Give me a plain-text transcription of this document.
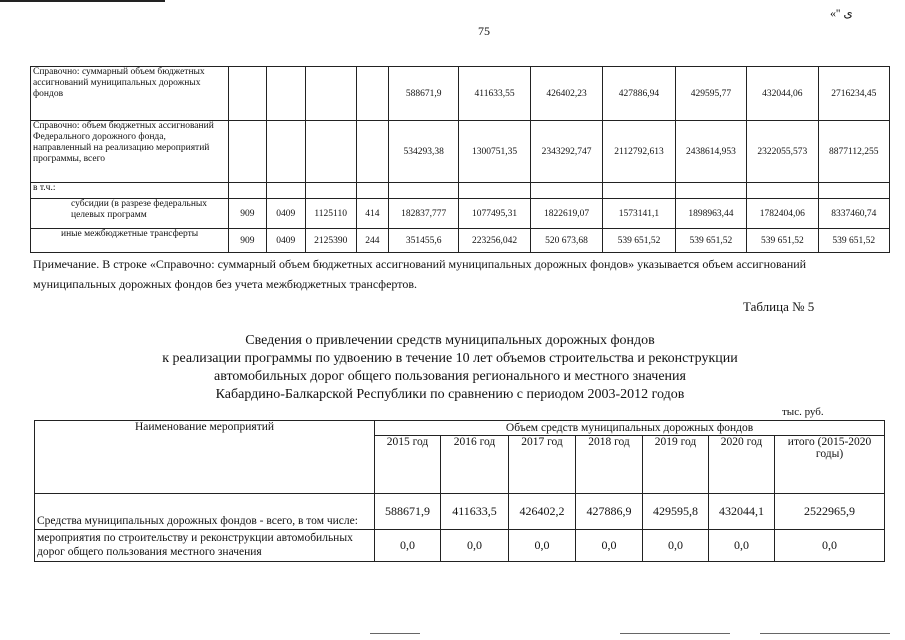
75
«'' ی
Справочно: суммарный объем бюджетных ассигнований муниципальных дорожных фондов					588671,9	411633,55	426402,23	427886,94	429595,77	432044,06	2716234,45
Справочно: объем бюджетных ассигнований Федерального дорожного фонда, направленный на реализацию мероприятий программы, всего					534293,38	1300751,35	2343292,747	2112792,613	2438614,953	2322055,573	8877112,255
в т.ч.:											
субсидии (в разрезе федеральных целевых программ	909	0409	1125110	414	182837,777	1077495,31	1822619,07	1573141,1	1898963,44	1782404,06	8337460,74
иные межбюджетные трансферты	909	0409	2125390	244	351455,6	223256,042	520 673,68	539 651,52	539 651,52	539 651,52	539 651,52
Примечание. В строке «Справочно: суммарный объем бюджетных ассигнований муниципальных дорожных фондов» указывается объем ассигнований муниципальных дорожных фондов без учета межбюджетных трансфертов.
Таблица № 5
Сведения о привлечении средств муниципальных дорожных фондов
к реализации программы по удвоению в течение 10 лет объемов строительства и реконструкции
автомобильных дорог общего пользования регионального и местного значения
Кабардино-Балкарской Республики по сравнению с периодом 2003-2012 годов
тыс. руб.
Наименование мероприятий	Объем средств муниципальных дорожных фондов						
	2015 год	2016 год	2017 год	2018 год	2019 год	2020 год	итого (2015-2020 годы)
Средства муниципальных дорожных фондов - всего, в том числе:	588671,9	411633,5	426402,2	427886,9	429595,8	432044,1	2522965,9
мероприятия по строительству и реконструкции автомобильных дорог общего пользования местного значения	0,0	0,0	0,0	0,0	0,0	0,0	0,0
